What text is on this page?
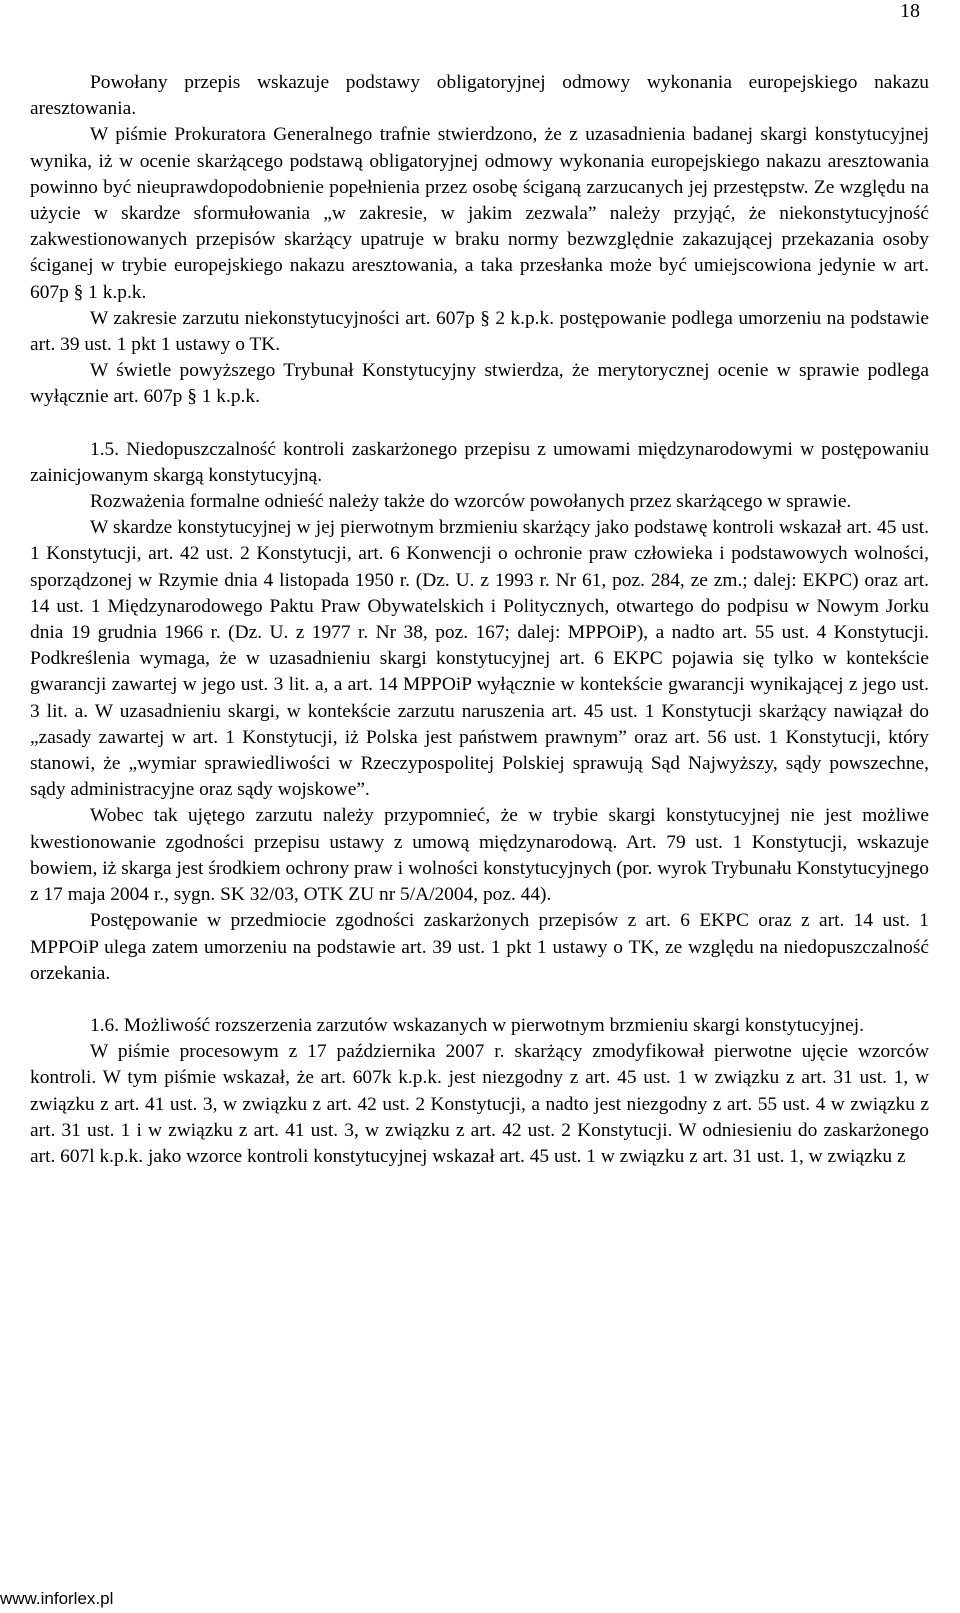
18

Powołany przepis wskazuje podstawy obligatoryjnej odmowy wykonania europejskiego nakazu aresztowania.

W piśmie Prokuratora Generalnego trafnie stwierdzono, że z uzasadnienia badanej skargi konstytucyjnej wynika, iż w ocenie skarżącego podstawą obligatoryjnej odmowy wykonania europejskiego nakazu aresztowania powinno być nieuprawdopodobnienie popełnienia przez osobę ściganą zarzucanych jej przestępstw. Ze względu na użycie w skardze sformułowania „w zakresie, w jakim zezwala” należy przyjąć, że niekonstytucyjność zakwestionowanych przepisów skarżący upatruje w braku normy bezwzględnie zakazującej przekazania osoby ściganej w trybie europejskiego nakazu aresztowania, a taka przesłanka może być umiejscowiona jedynie w art. 607p § 1 k.p.k.

W zakresie zarzutu niekonstytucyjności art. 607p § 2 k.p.k. postępowanie podlega umorzeniu na podstawie art. 39 ust. 1 pkt 1 ustawy o TK.

W świetle powyższego Trybunał Konstytucyjny stwierdza, że merytorycznej ocenie w sprawie podlega wyłącznie art. 607p § 1 k.p.k.

1.5. Niedopuszczalność kontroli zaskarżonego przepisu z umowami międzynarodowymi w postępowaniu zainicjowanym skargą konstytucyjną.

Rozważenia formalne odnieść należy także do wzorców powołanych przez skarżącego w sprawie.

W skardze konstytucyjnej w jej pierwotnym brzmieniu skarżący jako podstawę kontroli wskazał art. 45 ust. 1 Konstytucji, art. 42 ust. 2 Konstytucji, art. 6 Konwencji o ochronie praw człowieka i podstawowych wolności, sporządzonej w Rzymie dnia 4 listopada 1950 r. (Dz. U. z 1993 r. Nr 61, poz. 284, ze zm.; dalej: EKPC) oraz art. 14 ust. 1 Międzynarodowego Paktu Praw Obywatelskich i Politycznych, otwartego do podpisu w Nowym Jorku dnia 19 grudnia 1966 r. (Dz. U. z 1977 r. Nr 38, poz. 167; dalej: MPPOiP), a nadto art. 55 ust. 4 Konstytucji. Podkreślenia wymaga, że w uzasadnieniu skargi konstytucyjnej art. 6 EKPC pojawia się tylko w kontekście gwarancji zawartej w jego ust. 3 lit. a, a art. 14 MPPOiP wyłącznie w kontekście gwarancji wynikającej z jego ust. 3 lit. a. W uzasadnieniu skargi, w kontekście zarzutu naruszenia art. 45 ust. 1 Konstytucji skarżący nawiązał do „zasady zawartej w art. 1 Konstytucji, iż Polska jest państwem prawnym” oraz art. 56 ust. 1 Konstytucji, który stanowi, że „wymiar sprawiedliwości w Rzeczypospolitej Polskiej sprawują Sąd Najwyższy, sądy powszechne, sądy administracyjne oraz sądy wojskowe”.

Wobec tak ujętego zarzutu należy przypomnieć, że w trybie skargi konstytucyjnej nie jest możliwe kwestionowanie zgodności przepisu ustawy z umową międzynarodową. Art. 79 ust. 1 Konstytucji, wskazuje bowiem, iż skarga jest środkiem ochrony praw i wolności konstytucyjnych (por. wyrok Trybunału Konstytucyjnego z 17 maja 2004 r., sygn. SK 32/03, OTK ZU nr 5/A/2004, poz. 44).

Postępowanie w przedmiocie zgodności zaskarżonych przepisów z art. 6 EKPC oraz z art. 14 ust. 1 MPPOiP ulega zatem umorzeniu na podstawie art. 39 ust. 1 pkt 1 ustawy o TK, ze względu na niedopuszczalność orzekania.

1.6. Możliwość rozszerzenia zarzutów wskazanych w pierwotnym brzmieniu skargi konstytucyjnej.

W piśmie procesowym z 17 października 2007 r. skarżący zmodyfikował pierwotne ujęcie wzorców kontroli. W tym piśmie wskazał, że art. 607k k.p.k. jest niezgodny z art. 45 ust. 1 w związku z art. 31 ust. 1, w związku z art. 41 ust. 3, w związku z art. 42 ust. 2 Konstytucji, a nadto jest niezgodny z art. 55 ust. 4 w związku z art. 31 ust. 1 i w związku z art. 41 ust. 3, w związku z art. 42 ust. 2 Konstytucji. W odniesieniu do zaskarżonego art. 607l k.p.k. jako wzorce kontroli konstytucyjnej wskazał art. 45 ust. 1 w związku z art. 31 ust. 1, w związku z

www.inforlex.pl
